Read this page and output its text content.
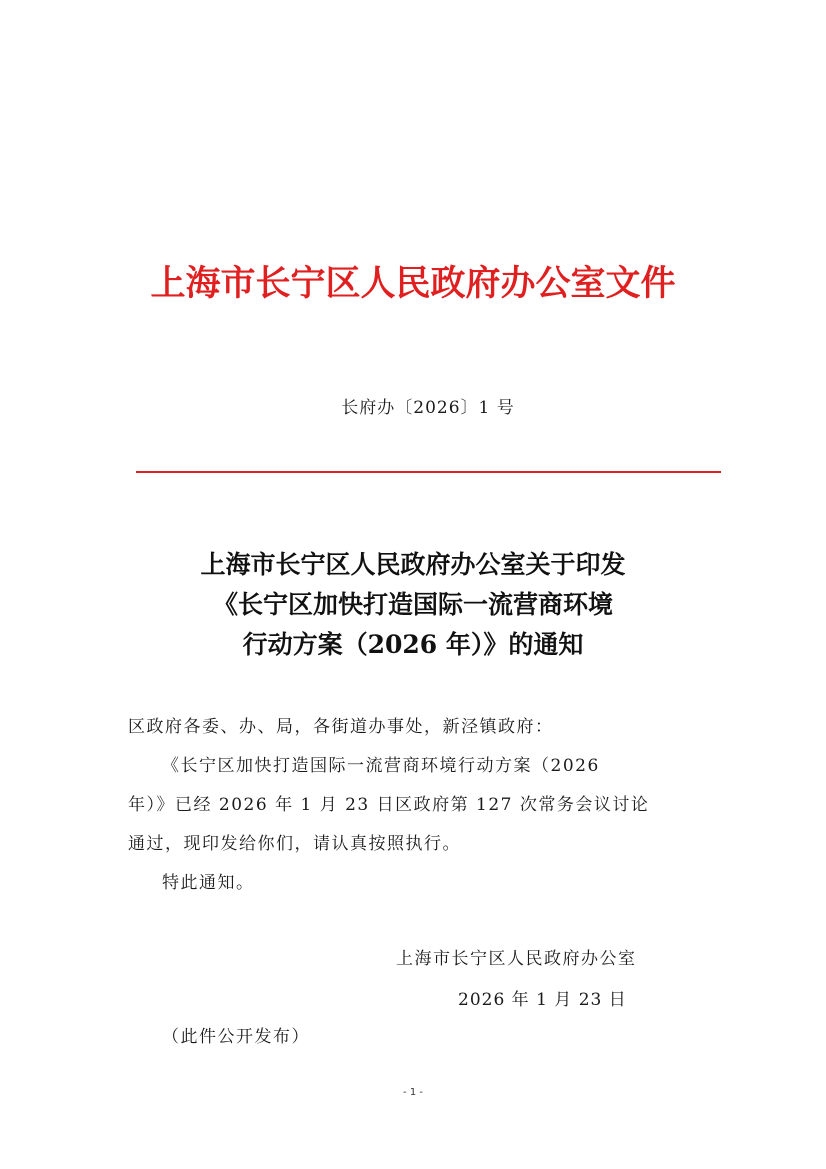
上海市长宁区人民政府办公室文件
长府办〔2026〕1 号
上海市长宁区人民政府办公室关于印发
《长宁区加快打造国际一流营商环境
行动方案（2026 年）》的通知

区政府各委、办、局，各街道办事处，新泾镇政府：

《长宁区加快打造国际一流营商环境行动方案（2026

年）》已经 2026 年 1 月 23 日区政府第 127 次常务会议讨论

通过，现印发给你们，请认真按照执行。

特此通知。

上海市长宁区人民政府办公室
2026 年 1 月 23 日
（此件公开发布）
- 1 -
